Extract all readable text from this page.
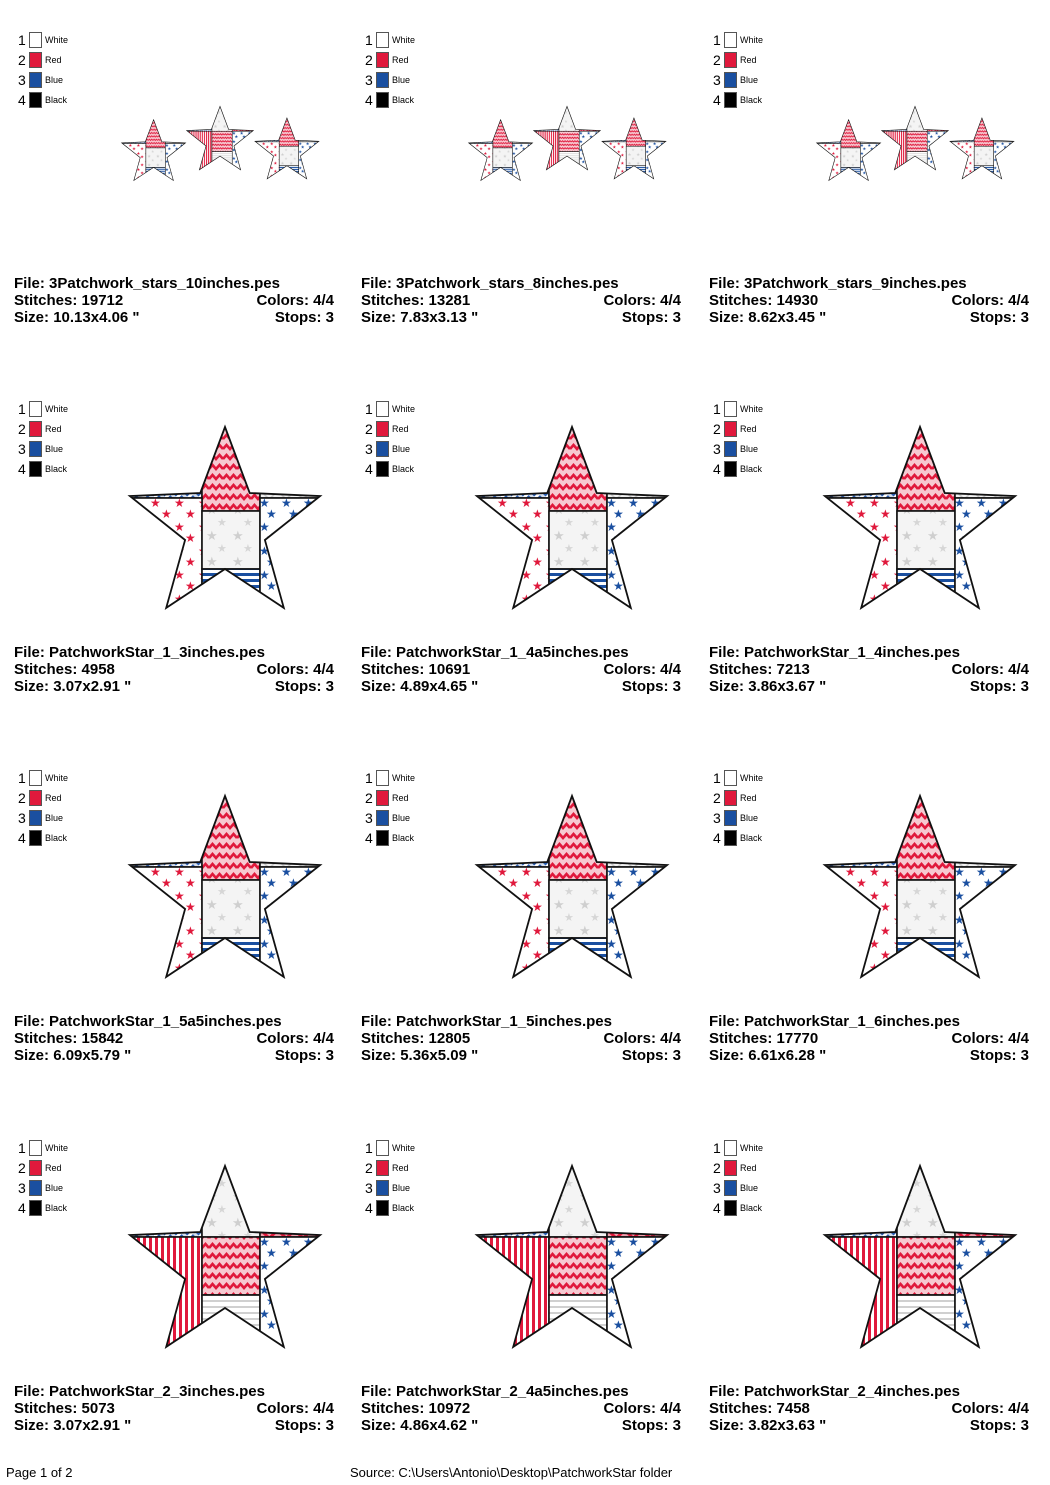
1	White
2	Red
3	Blue
4	Black
File: 3Patchwork_stars_10inches.pes
Stitches: 19712	Colors: 4/4
Size: 10.13x4.06 "	Stops: 3
1	White
2	Red
3	Blue
4	Black
File: 3Patchwork_stars_8inches.pes
Stitches: 13281	Colors: 4/4
Size: 7.83x3.13 "	Stops: 3
1	White
2	Red
3	Blue
4	Black
File: 3Patchwork_stars_9inches.pes
Stitches: 14930	Colors: 4/4
Size: 8.62x3.45 "	Stops: 3
1	White
2	Red
3	Blue
4	Black
File: PatchworkStar_1_3inches.pes
Stitches: 4958	Colors: 4/4
Size: 3.07x2.91 "	Stops: 3
1	White
2	Red
3	Blue
4	Black
File: PatchworkStar_1_4a5inches.pes
Stitches: 10691	Colors: 4/4
Size: 4.89x4.65 "	Stops: 3
1	White
2	Red
3	Blue
4	Black
File: PatchworkStar_1_4inches.pes
Stitches: 7213	Colors: 4/4
Size: 3.86x3.67 "	Stops: 3
1	White
2	Red
3	Blue
4	Black
File: PatchworkStar_1_5a5inches.pes
Stitches: 15842	Colors: 4/4
Size: 6.09x5.79 "	Stops: 3
1	White
2	Red
3	Blue
4	Black
File: PatchworkStar_1_5inches.pes
Stitches: 12805	Colors: 4/4
Size: 5.36x5.09 "	Stops: 3
1	White
2	Red
3	Blue
4	Black
File: PatchworkStar_1_6inches.pes
Stitches: 17770	Colors: 4/4
Size: 6.61x6.28 "	Stops: 3
1	White
2	Red
3	Blue
4	Black
File: PatchworkStar_2_3inches.pes
Stitches: 5073	Colors: 4/4
Size: 3.07x2.91 "	Stops: 3
1	White
2	Red
3	Blue
4	Black
File: PatchworkStar_2_4a5inches.pes
Stitches: 10972	Colors: 4/4
Size: 4.86x4.62 "	Stops: 3
1	White
2	Red
3	Blue
4	Black
File: PatchworkStar_2_4inches.pes
Stitches: 7458	Colors: 4/4
Size: 3.82x3.63 "	Stops: 3
Page 1 of 2	Source: C:\Users\Antonio\Desktop\PatchworkStar folder
